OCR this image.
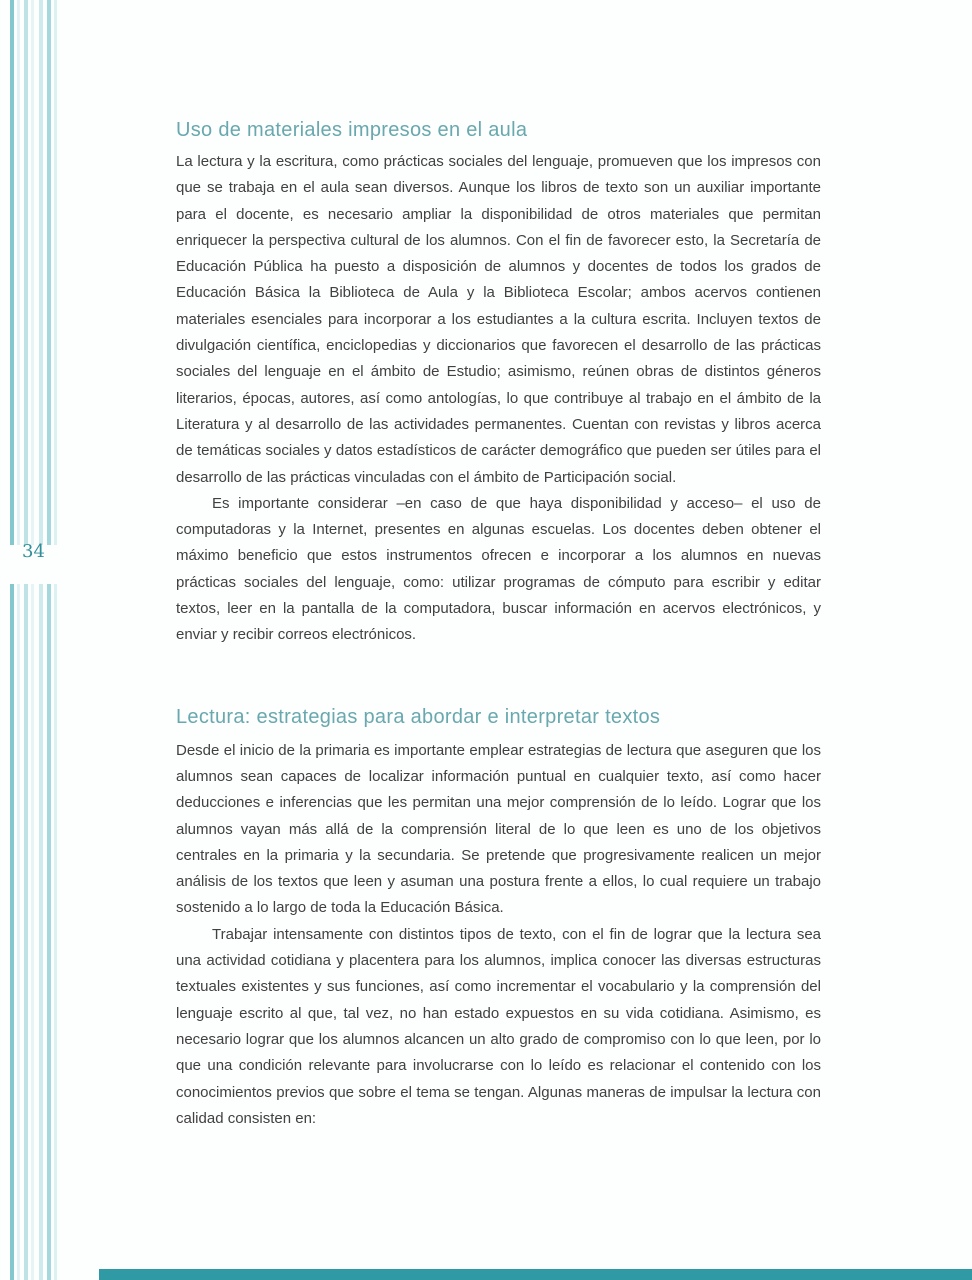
34
Uso de materiales impresos en el aula

La lectura y la escritura, como prácticas sociales del lenguaje, promueven que los impresos con que se trabaja en el aula sean diversos. Aunque los libros de texto son un auxiliar importante para el docente, es necesario ampliar la disponibilidad de otros materiales que permitan enriquecer la perspectiva cultural de los alumnos. Con el fin de favorecer esto, la Secretaría de Educación Pública ha puesto a disposición de alumnos y docentes de todos los grados de Educación Básica la Biblioteca de Aula y la Biblioteca Escolar; ambos acervos contienen materiales esenciales para incorporar a los estudiantes a la cultura escrita. Incluyen textos de divulgación científica, enciclopedias y diccionarios que favorecen el desarrollo de las prácticas sociales del lenguaje en el ámbito de Estudio; asimismo, reúnen obras de distintos géneros literarios, épocas, autores, así como antologías, lo que contribuye al trabajo en el ámbito de la Literatura y al desarrollo de las actividades permanentes. Cuentan con revistas y libros acerca de temáticas sociales y datos estadísticos de carácter demográfico que pueden ser útiles para el desarrollo de las prácticas vinculadas con el ámbito de Participación social.

Es importante considerar –en caso de que haya disponibilidad y acceso– el uso de computadoras y la Internet, presentes en algunas escuelas. Los docentes deben obtener el máximo beneficio que estos instrumentos ofrecen e incorporar a los alumnos en nuevas prácticas sociales del lenguaje, como: utilizar programas de cómputo para escribir y editar textos, leer en la pantalla de la computadora, buscar información en acervos electrónicos, y enviar y recibir correos electrónicos.

Lectura: estrategias para abordar e interpretar textos

Desde el inicio de la primaria es importante emplear estrategias de lectura que aseguren que los alumnos sean capaces de localizar información puntual en cualquier texto, así como hacer deducciones e inferencias que les permitan una mejor comprensión de lo leído. Lograr que los alumnos vayan más allá de la comprensión literal de lo que leen es uno de los objetivos centrales en la primaria y la secundaria. Se pretende que progresivamente realicen un mejor análisis de los textos que leen y asuman una postura frente a ellos, lo cual requiere un trabajo sostenido a lo largo de toda la Educación Básica.

Trabajar intensamente con distintos tipos de texto, con el fin de lograr que la lectura sea una actividad cotidiana y placentera para los alumnos, implica conocer las diversas estructuras textuales existentes y sus funciones, así como incrementar el vocabulario y la comprensión del lenguaje escrito al que, tal vez, no han estado expuestos en su vida cotidiana. Asimismo, es necesario lograr que los alumnos alcancen un alto grado de compromiso con lo que leen, por lo que una condición relevante para involucrarse con lo leído es relacionar el contenido con los conocimientos previos que sobre el tema se tengan. Algunas maneras de impulsar la lectura con calidad consisten en:
